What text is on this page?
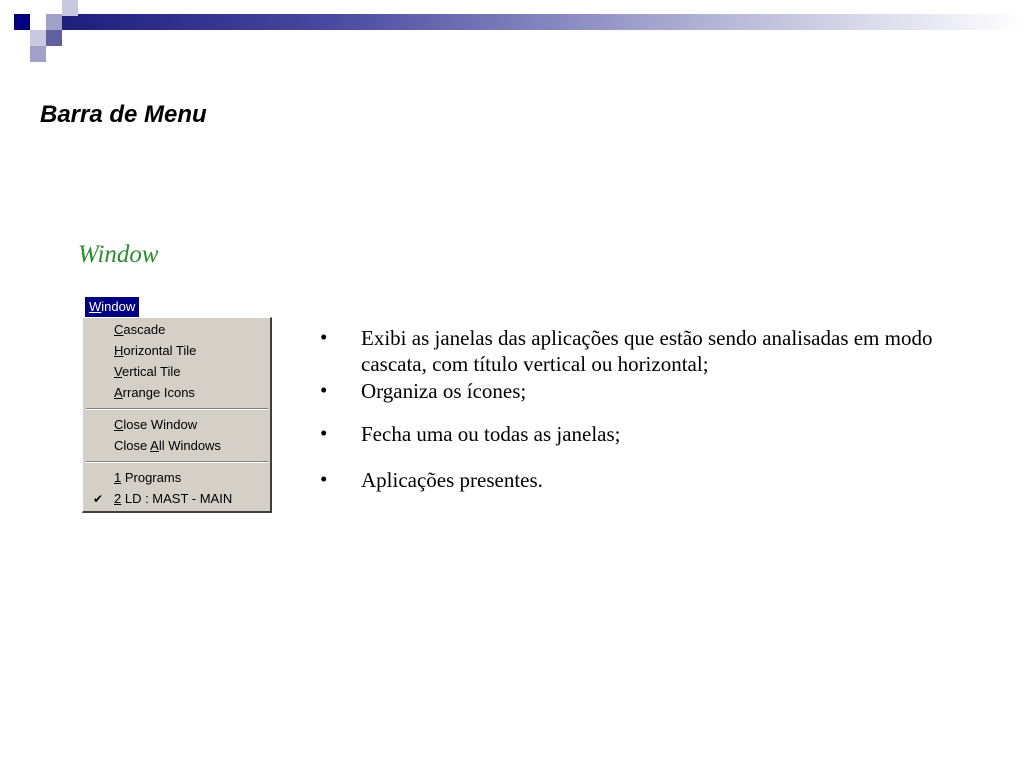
Barra de Menu
Window
Window
Cascade
Horizontal Tile
Vertical Tile
Arrange Icons
Close Window
Close All Windows
1 Programs
✔ 2 LD : MAST - MAIN
•	Exibi as janelas das aplicações que estão sendo analisadas em modo cascata, com título vertical ou horizontal;
•	Organiza os ícones;
•	Fecha uma ou todas as janelas;
•	Aplicações presentes.
